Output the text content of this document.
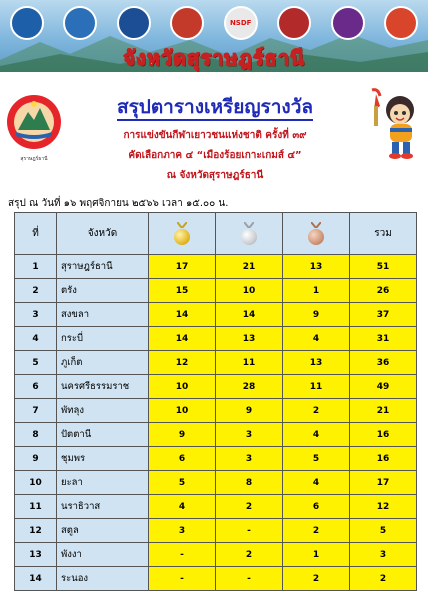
NSDF
จังหวัดสุราษฎร์ธานี
สุราษฎร์ธานี
สรุปตารางเหรียญรางวัล
การแข่งขันกีฬาเยาวชนแห่งชาติ ครั้งที่ ๓๙
คัดเลือกภาค ๔ “เมืองร้อยเกาะเกมส์ ๔”
ณ จังหวัดสุราษฎร์ธานี
สรุป ณ วันที่ ๑๖ พฤศจิกายน ๒๕๖๖ เวลา ๑๕.๐๐ น.
ที่	จังหวัด				รวม
1	สุราษฎร์ธานี	17	21	13	51
2	ตรัง	15	10	1	26
3	สงขลา	14	14	9	37
4	กระบี่	14	13	4	31
5	ภูเก็ต	12	11	13	36
6	นครศรีธรรมราช	10	28	11	49
7	พัทลุง	10	9	2	21
8	ปัตตานี	9	3	4	16
9	ชุมพร	6	3	5	16
10	ยะลา	5	8	4	17
11	นราธิวาส	4	2	6	12
12	สตูล	3	-	2	5
13	พังงา	-	2	1	3
14	ระนอง	-	-	2	2
